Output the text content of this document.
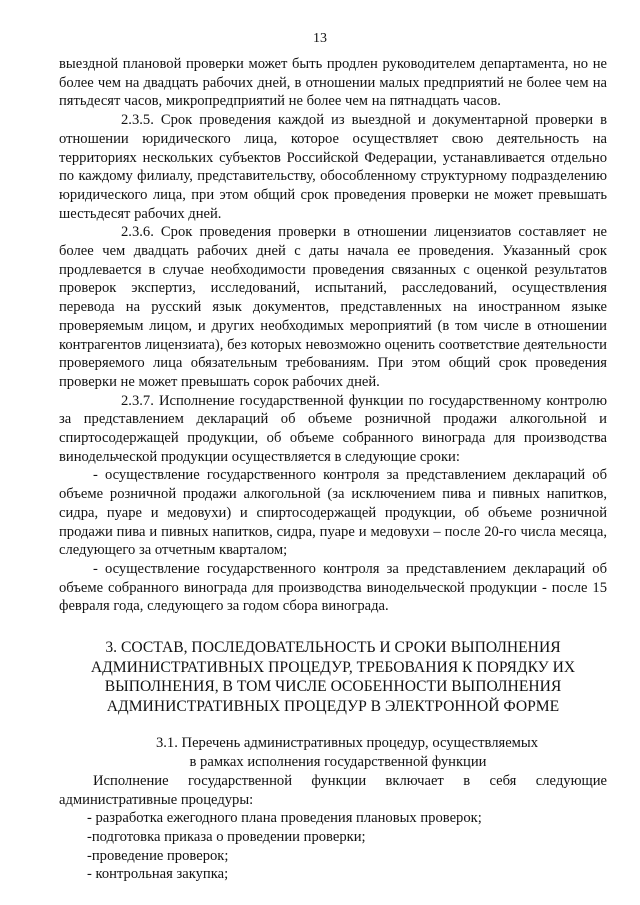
13

выездной плановой проверки может быть продлен руководителем департамента, но не более чем на двадцать рабочих дней, в отношении малых предприятий не более чем на пятьдесят часов, микропредприятий не более чем на пятнадцать часов.

2.3.5. Срок проведения каждой из выездной и документарной проверки в отношении юридического лица, которое осуществляет свою деятельность на территориях нескольких субъектов Российской Федерации, устанавливается отдельно по каждому филиалу, представительству, обособленному структурному подразделению юридического лица, при этом общий срок проведения проверки не может превышать шестьдесят рабочих дней.

2.3.6. Срок проведения проверки в отношении лицензиатов составляет не более чем двадцать рабочих дней с даты начала ее проведения. Указанный срок продлевается в случае необходимости проведения связанных с оценкой результатов проверок экспертиз, исследований, испытаний, расследований, осуществления перевода на русский язык документов, представленных на иностранном языке проверяемым лицом, и других необходимых мероприятий (в том числе в отношении контрагентов лицензиата), без которых невозможно оценить соответствие деятельности проверяемого лица обязательным требованиям. При этом общий срок проведения проверки не может превышать сорок рабочих дней.

2.3.7. Исполнение государственной функции по государственному контролю за представлением деклараций об объеме розничной продажи алкогольной и спиртосодержащей продукции, об объеме собранного винограда для производства винодельческой продукции осуществляется в следующие сроки:

- осуществление государственного контроля за представлением деклараций об объеме розничной продажи алкогольной (за исключением пива и пивных напитков, сидра, пуаре и медовухи) и спиртосодержащей продукции, об объеме розничной продажи пива и пивных напитков, сидра, пуаре и медовухи – после 20-го числа месяца, следующего за отчетным кварталом;

- осуществление государственного контроля за представлением деклараций об объеме собранного винограда для производства винодельческой продукции - после 15 февраля года, следующего за годом сбора винограда.

3. СОСТАВ, ПОСЛЕДОВАТЕЛЬНОСТЬ И СРОКИ ВЫПОЛНЕНИЯ АДМИНИСТРАТИВНЫХ ПРОЦЕДУР, ТРЕБОВАНИЯ К ПОРЯДКУ ИХ ВЫПОЛНЕНИЯ, В ТОМ ЧИСЛЕ ОСОБЕННОСТИ ВЫПОЛНЕНИЯ АДМИНИСТРАТИВНЫХ ПРОЦЕДУР В ЭЛЕКТРОННОЙ ФОРМЕ
3.1. Перечень административных процедур, осуществляемых
в рамках исполнения государственной функции

Исполнение государственной функции включает в себя следующие административные процедуры:

- разработка ежегодного плана проведения плановых проверок;
-подготовка приказа о проведении проверки;
-проведение проверок;
- контрольная закупка;
